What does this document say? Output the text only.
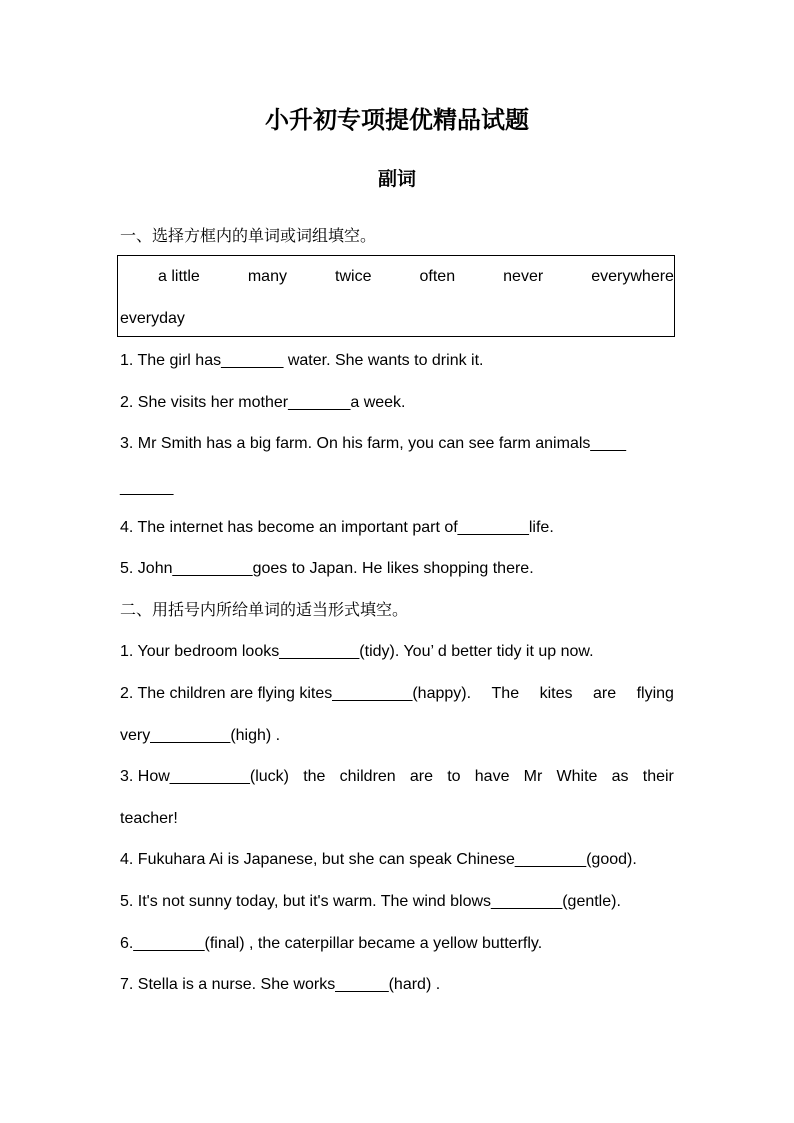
小升初专项提优精品试题
副词
一、选择方框内的单词或词组填空。
a little	many	twice	often	never	everywhere
everyday
1. The girl has_______ water. She wants to drink it.
2. She visits her mother_______a week.
3. Mr Smith has a big farm. On his farm, you can see farm animals____
______
4. The internet has become an important part of________life.
5. John_________goes to Japan. He likes shopping there.
二、用括号内所给单词的适当形式填空。
1. Your bedroom looks_________(tidy). You’ d better tidy it up now.
2. The children are flying kites_________(happy). The kites are flying
very_________(high) .
3. How_________(luck) the children are to have Mr White as their
teacher!
4. Fukuhara Ai is Japanese, but she can speak Chinese________(good).
5. It's not sunny today, but it's warm. The wind blows________(gentle).
6.________(final) , the caterpillar became a yellow butterfly.
7. Stella is a nurse. She works______(hard) .
